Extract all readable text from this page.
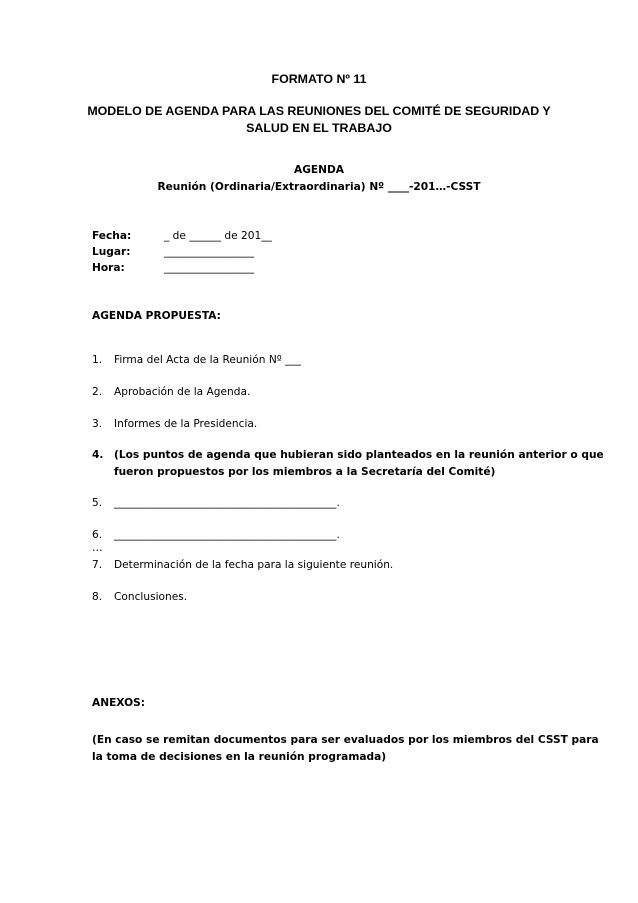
FORMATO Nº 11
MODELO DE AGENDA PARA LAS REUNIONES DEL COMITÉ DE SEGURIDAD Y
SALUD EN EL TRABAJO
AGENDA
Reunión (Ordinaria/Extraordinaria) Nº ____-201…-CSST
Fecha:	_ de ______ de 201__
Lugar:	_________________
Hora:	_________________
AGENDA PROPUESTA:
1. Firma del Acta de la Reunión Nº ___
2. Aprobación de la Agenda.
3. Informes de la Presidencia.
4. (Los puntos de agenda que hubieran sido planteados en la reunión anterior o que
fueron propuestos por los miembros a la Secretaría del Comité)
5. __________________________________________.
6. __________________________________________.
…
7. Determinación de la fecha para la siguiente reunión.
8. Conclusiones.
ANEXOS:
(En caso se remitan documentos para ser evaluados por los miembros del CSST para
la toma de decisiones en la reunión programada)
